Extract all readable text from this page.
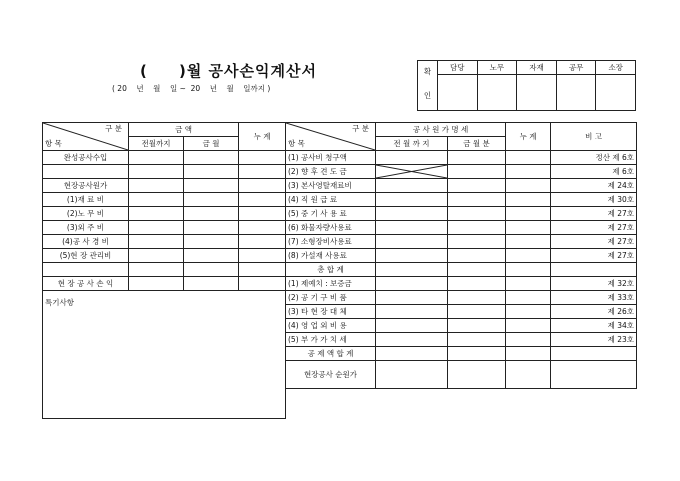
(     )월 공사손익계산서
( 20    년    월    일 ~  20    년    월    일까지 )
확
인	담당	노무	자재	공무	소장

구 분
항 목	금 액		누 계
	전월까지	금 월	
완성공사수입			

현장공사원가			
(1)재 료 비			
(2)노 무 비			
(3)외 주 비			
(4)공 사 경 비			
(5)현 장 관리비			

현 장 공 사 손 익			
특기사항			
구 분
항 목	공 사 원 가 명 세		누 계	비 고
	전 월 까 지	금 월 분		
(1) 공사비 청구액				정산 제 6호
(2) 향 후 견 도 금				제 6호
(3) 본사영탈재료비				제 24호
(4) 직 원 급 료				제 30호
(5) 중 기 사 용 료				제 27호
(6) 화물자량사용료				제 27호
(7) 소형장비사용료				제 27호
(8) 가설재 사용료				제 27호
총 합 계				
(1) 제예치 : 보증금				제 32호
(2) 공 기 구 비 품				제 33호
(3) 타 현 장 대 체				제 26호
(4) 영 업 외 비 용				제 34호
(5) 부 가 가 치 세				제 23호
공 제 액 합 계				
현장공사 순원가				
